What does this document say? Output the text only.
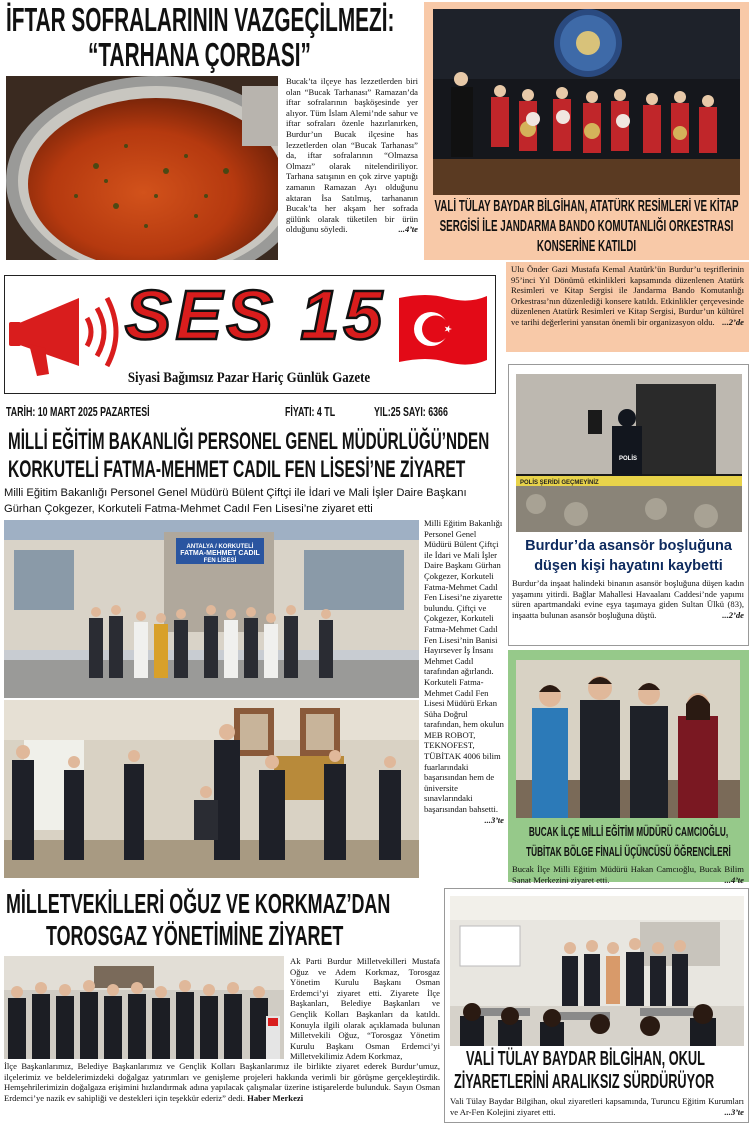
İFTAR SOFRALARININ VAZGEÇİLMEZİ:
“TARHANA ÇORBASI”
Bucak’ta ilçeye has lezzetlerden biri olan “Bucak Tarhanası” Ramazan’da iftar sofralarının başköşesinde yer alıyor. Tüm İslam Alemi’nde sahur ve iftar sofraları özenle hazırlanırken, Burdur’un Bucak ilçesine has lezzetlerden olan “Bucak Tarhanası” da, iftar sofralarının “Olmazsa Olmazı” olarak nitelendiriliyor. Tarhana satışının en çok zirve yaptığı zamanın Ramazan Ayı olduğunu aktaran İsa Satılmış, tarhananın Bucak’ta her akşam her sofrada gülünk olarak tüketilen bir ürün olduğunu söyledi.	...4’te
VALİ TÜLAY BAYDAR BİLGİHAN, ATATÜRK RESİMLERİ VE KİTAP SERGİSİ İLE JANDARMA BANDO KOMUTANLIĞI ORKESTRASI KONSERİNE KATILDI
Ulu Önder Gazi Mustafa Kemal Atatürk’ün Burdur’u teşriflerinin 95’inci Yıl Dönümü etkinlikleri kapsamında düzenlenen Atatürk Resimleri ve Kitap Sergisi ile Jandarma Bando Komutanlığı Orkestrası’nın düzenlediği konsere katıldı. Etkinlikler çerçevesinde düzenlenen Atatürk Resimleri ve Kitap Sergisi, Burdur’un kültürel ve tarihi değerlerini yansıtan önemli bir organizasyon oldu. ...2’de
SES 15
Siyasi Bağımsız Pazar Hariç Günlük Gazete
TARİH: 10 MART 2025 PAZARTESİ	FİYATI: 4 TL	YIL:25 SAYI: 6366
MİLLİ EĞİTİM BAKANLIĞI PERSONEL GENEL MÜDÜRLÜĞÜ’NDEN
KORKUTELİ FATMA-MEHMET CADIL FEN LİSESİ’NE ZİYARET
Milli Eğitim Bakanlığı Personel Genel Müdürü Bülent Çiftçi ile İdari ve Mali İşler Daire Başkanı Gürhan Çokgezer, Korkuteli Fatma-Mehmet Cadıl Fen Lisesi’ne ziyaret etti
ANTALYA / KORKUTELİ
FATMA-MEHMET CADIL
FEN LİSESİ
Milli Eğitim Bakanlığı Personel Genel Müdürü Bülent Çiftçi ile İdari ve Mali İşler Daire Başkanı Gürhan Çokgezer, Korkuteli Fatma-Mehmet Cadıl Fen Lisesi’ne ziyarette bulundu. Çiftçi ve Çokgezer, Korkuteli Fatma-Mehmet Cadıl Fen Lisesi’nin Banisi Hayırsever İş İnsanı Mehmet Cadıl tarafından ağırlandı. Korkuteli Fatma-Mehmet Cadıl Fen Lisesi Müdürü Erkan Süha Doğrul tarafından, hem okulun MEB ROBOT, TEKNOFEST, TÜBİTAK 4006 bilim fuarlarındaki başarısından hem de üniversite sınavlarındaki başarısından bahsetti.
...3’te
POLİS
POLİS ŞERİDİ GEÇMEYİNİZ
Burdur’da asansör boşluğuna düşen kişi hayatını kaybetti
Burdur’da inşaat halindeki binanın asansör boşluğuna düşen kadın yaşamını yitirdi. Bağlar Mahallesi Havaalanı Caddesi’nde yapımı süren apartmandaki evine eşya taşımaya giden Sultan Ülkü (83), inşaatta bulunan asansör boşluğuna düştü.	...2’de
BUCAK İLÇE MİLLİ EĞİTİM MÜDÜRÜ CAMCIOĞLU, TÜBİTAK BÖLGE FİNALİ ÜÇÜNCÜSÜ ÖĞRENCİLERİ
Bucak İlçe Milli Eğitim Müdürü Hakan Camcıoğlu, Bucak Bilim Sanat Merkezini ziyaret etti.	...4’te
MİLLETVEKİLLERİ OĞUZ VE KORKMAZ’DAN
TOROSGAZ YÖNETİMİNE ZİYARET
Ak Parti Burdur Milletvekilleri Mustafa Oğuz ve Adem Korkmaz, Torosgaz Yönetim Kurulu Başkanı Osman Erdemci’yi ziyaret etti. Ziyarete İlçe Başkanları, Belediye Başkanları ve Gençlik Kolları Başkanları da katıldı. Konuyla ilgili olarak açıklamada bulunan Milletvekili Oğuz, “Torosgaz Yönetim Kurulu Başkanı Osman Erdemci’yi Milletvekilimiz Adem Korkmaz,
İlçe Başkanlarımız, Belediye Başkanlarımız ve Gençlik Kolları Başkanlarımız ile birlikte ziyaret ederek Burdur’umuz, ilçelerimiz ve beldelerimizdeki doğalgaz yatırımları ve genişleme projeleri hakkında verimli bir görüşme gerçekleştirdik. Hemşehrilerimizin doğalgaza erişimini hızlandırmak adına yapılacak çalışmalar üzerine istişarelerde bulunduk. Sayın Osman Erdemci’ye nazik ev sahipliği ve destekleri için teşekkür ederiz” dedi. Haber Merkezi
VALİ TÜLAY BAYDAR BİLGİHAN, OKUL
ZİYARETLERİNİ ARALIKSIZ SÜRDÜRÜYOR
Vali Tülay Baydar Bilgihan, okul ziyaretleri kapsamında, Turuncu Eğitim Kurumları ve Ar-Fen Kolejini ziyaret etti.	...3’te
